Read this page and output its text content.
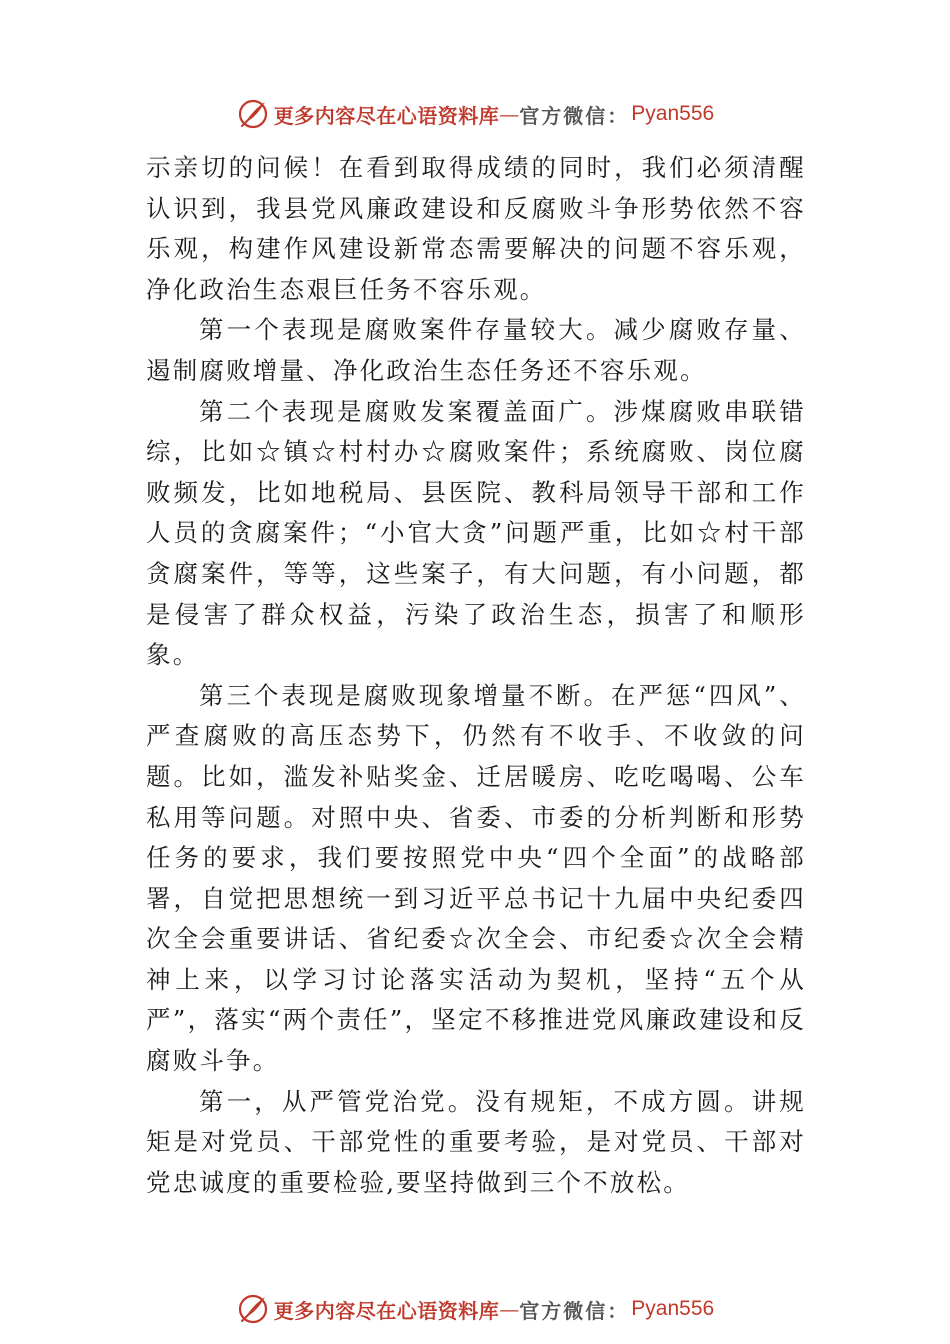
更多内容尽在心语资料库 — 官方微信： Pyan556

示亲切的问候！在看到取得成绩的同时，我们必须清醒认识到，我县党风廉政建设和反腐败斗争形势依然不容乐观，构建作风建设新常态需要解决的问题不容乐观，净化政治生态艰巨任务不容乐观。

第一个表现是腐败案件存量较大。减少腐败存量、遏制腐败增量、净化政治生态任务还不容乐观。

第二个表现是腐败发案覆盖面广。涉煤腐败串联错综，比如☆镇☆村村办☆腐败案件；系统腐败、岗位腐败频发，比如地税局、县医院、教科局领导干部和工作人员的贪腐案件；“小官大贪”问题严重，比如☆村干部贪腐案件，等等，这些案子，有大问题，有小问题，都是侵害了群众权益，污染了政治生态，损害了和顺形象。

第三个表现是腐败现象增量不断。在严惩“四风”、严查腐败的高压态势下，仍然有不收手、不收敛的问题。比如，滥发补贴奖金、迁居暖房、吃吃喝喝、公车私用等问题。对照中央、省委、市委的分析判断和形势任务的要求，我们要按照党中央“四个全面”的战略部署，自觉把思想统一到习近平总书记十九届中央纪委四次全会重要讲话、省纪委☆次全会、市纪委☆次全会精神上来，以学习讨论落实活动为契机，坚持“五个从严”，落实“两个责任”，坚定不移推进党风廉政建设和反腐败斗争。

第一，从严管党治党。没有规矩，不成方圆。讲规矩是对党员、干部党性的重要考验，是对党员、干部对党忠诚度的重要检验,要坚持做到三个不放松。

更多内容尽在心语资料库 — 官方微信： Pyan556
